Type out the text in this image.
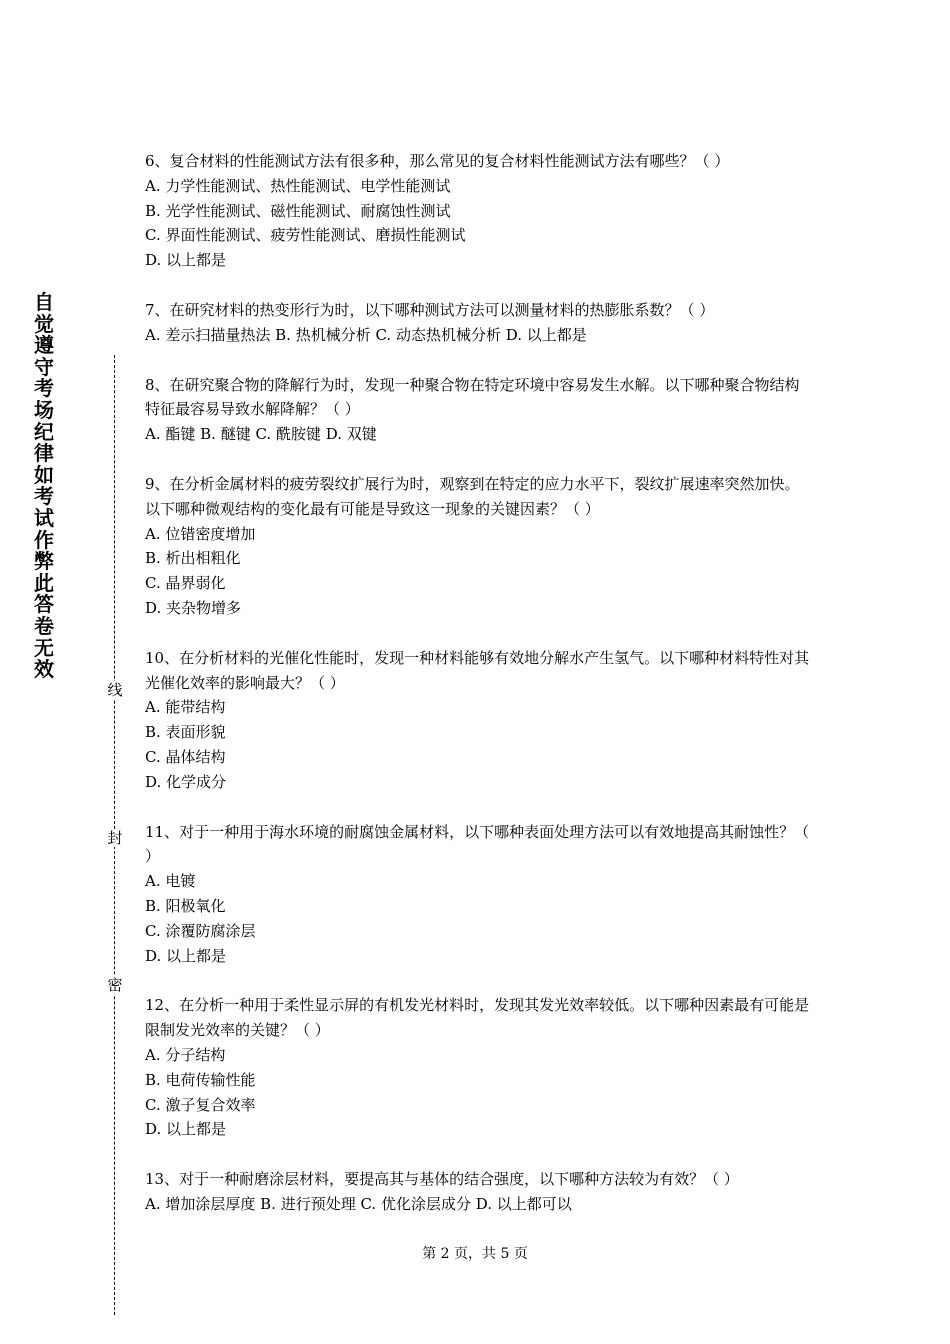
自觉遵守考场纪律如考试作弊此答卷无效
线
封
密

6、复合材料的性能测试方法有很多种，那么常见的复合材料性能测试方法有哪些？（ ）

A. 力学性能测试、热性能测试、电学性能测试

B. 光学性能测试、磁性能测试、耐腐蚀性测试

C. 界面性能测试、疲劳性能测试、磨损性能测试

D. 以上都是

7、在研究材料的热变形行为时，以下哪种测试方法可以测量材料的热膨胀系数？（ ）

A. 差示扫描量热法 B. 热机械分析 C. 动态热机械分析 D. 以上都是

8、在研究聚合物的降解行为时，发现一种聚合物在特定环境中容易发生水解。以下哪种聚合物结构特征最容易导致水解降解？（ ）

A. 酯键 B. 醚键 C. 酰胺键 D. 双键

9、在分析金属材料的疲劳裂纹扩展行为时，观察到在特定的应力水平下，裂纹扩展速率突然加快。以下哪种微观结构的变化最有可能是导致这一现象的关键因素？（ ）

A. 位错密度增加

B. 析出相粗化

C. 晶界弱化

D. 夹杂物增多

10、在分析材料的光催化性能时，发现一种材料能够有效地分解水产生氢气。以下哪种材料特性对其光催化效率的影响最大？（ ）

A. 能带结构

B. 表面形貌

C. 晶体结构

D. 化学成分

11、对于一种用于海水环境的耐腐蚀金属材料，以下哪种表面处理方法可以有效地提高其耐蚀性？（ ）

A. 电镀

B. 阳极氧化

C. 涂覆防腐涂层

D. 以上都是

12、在分析一种用于柔性显示屏的有机发光材料时，发现其发光效率较低。以下哪种因素最有可能是限制发光效率的关键？（ ）

A. 分子结构

B. 电荷传输性能

C. 激子复合效率

D. 以上都是

13、对于一种耐磨涂层材料，要提高其与基体的结合强度，以下哪种方法较为有效？（ ）

A. 增加涂层厚度 B. 进行预处理 C. 优化涂层成分 D. 以上都可以

第 2 页，共 5 页
